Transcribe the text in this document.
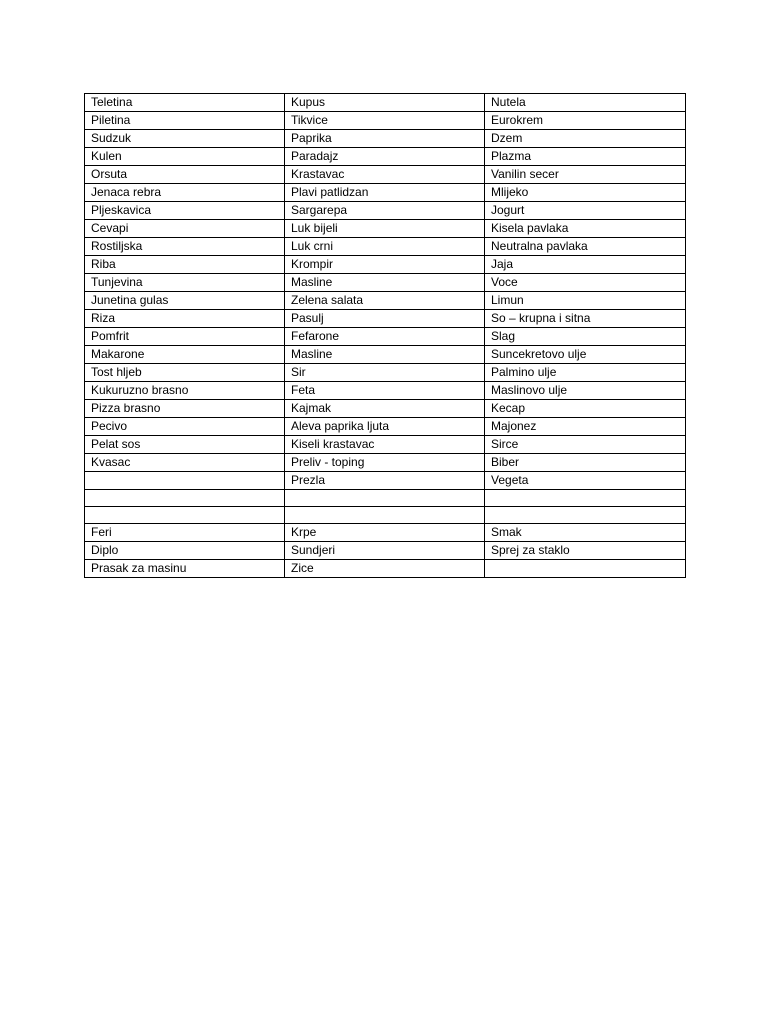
Teletina	Kupus	Nutela
Piletina	Tikvice	Eurokrem
Sudzuk	Paprika	Dzem
Kulen	Paradajz	Plazma
Orsuta	Krastavac	Vanilin secer
Jenaca rebra	Plavi patlidzan	Mlijeko
Pljeskavica	Sargarepa	Jogurt
Cevapi	Luk bijeli	Kisela pavlaka
Rostiljska	Luk crni	Neutralna pavlaka
Riba	Krompir	Jaja
Tunjevina	Masline	Voce
Junetina gulas	Zelena salata	Limun
Riza	Pasulj	So – krupna i sitna
Pomfrit	Fefarone	Slag
Makarone	Masline	Suncekretovo ulje
Tost hljeb	Sir	Palmino ulje
Kukuruzno brasno	Feta	Maslinovo ulje
Pizza brasno	Kajmak	Kecap
Pecivo	Aleva paprika ljuta	Majonez
Pelat sos	Kiseli krastavac	Sirce
Kvasac	Preliv - toping	Biber
	Prezla	Vegeta

Feri	Krpe	Smak
Diplo	Sundjeri	Sprej za staklo
Prasak za masinu	Zice	
